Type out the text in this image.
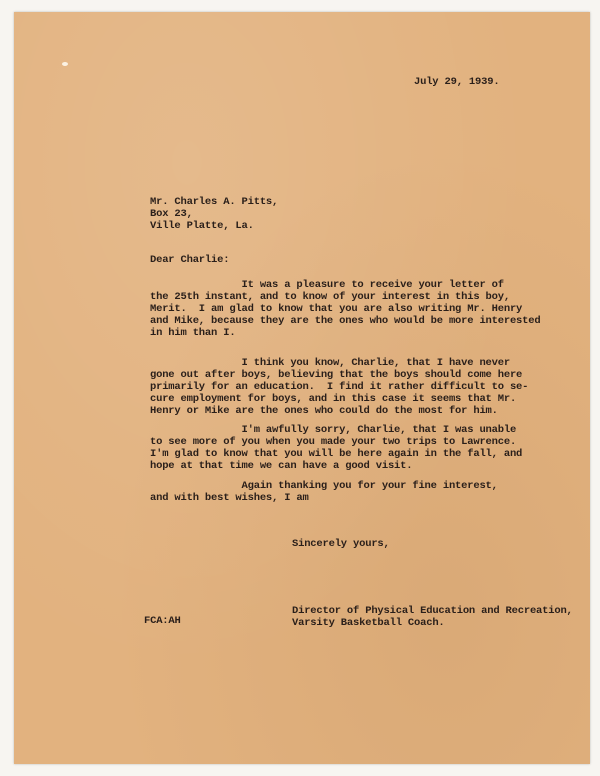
July 29, 1939.

Mr. Charles A. Pitts,
Box 23,
Ville Platte, La.

Dear Charlie:

It was a pleasure to receive your letter of
the 25th instant, and to know of your interest in this boy,
Merit.  I am glad to know that you are also writing Mr. Henry
and Mike, because they are the ones who would be more interested
in him than I.
I think you know, Charlie, that I have never
gone out after boys, believing that the boys should come here
primarily for an education.  I find it rather difficult to se-
cure employment for boys, and in this case it seems that Mr.
Henry or Mike are the ones who could do the most for him.
I'm awfully sorry, Charlie, that I was unable
to see more of you when you made your two trips to Lawrence.
I'm glad to know that you will be here again in the fall, and
hope at that time we can have a good visit.
Again thanking you for your fine interest,
and with best wishes, I am

Sincerely yours,

Director of Physical Education and Recreation,
Varsity Basketball Coach.

FCA:AH
